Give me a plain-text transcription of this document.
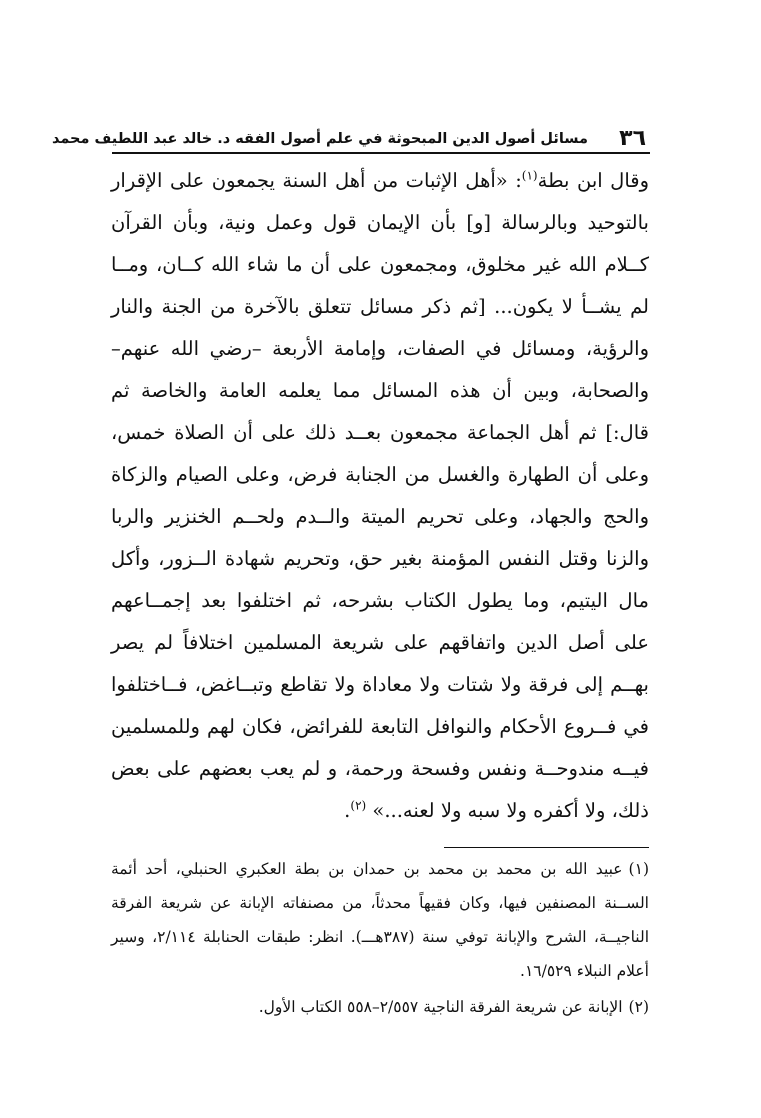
٣٦
مسائل أصول الدين المبحوثة في علم أصول الفقه د. خالد عبد اللطيف محمد

وقال ابن بطة$^{(١)}$: «أهل الإثبات من أهل السنة يجمعون على الإقرار بالتوحيد وبالرسالة [و] بأن الإيمان قول وعمل ونية، وبأن القرآن كــلام الله غير مخلوق، ومجمعون على أن ما شاء الله كــان، ومــا لم يشــأ لا يكون... [ثم ذكر مسائل تتعلق بالآخرة من الجنة والنار والرؤية، ومسائل في الصفات، وإمامة الأربعة –رضي الله عنهم– والصحابة، وبين أن هذه المسائل مما يعلمه العامة والخاصة ثم قال:] ثم أهل الجماعة مجمعون بعــد ذلك على أن الصلاة خمس، وعلى أن الطهارة والغسل من الجنابة فرض، وعلى الصيام والزكاة والحج والجهاد، وعلى تحريم الميتة والــدم ولحــم الخنزير والربا والزنا وقتل النفس المؤمنة بغير حق، وتحريم شهادة الــزور، وأكل مال اليتيم، وما يطول الكتاب بشرحه، ثم اختلفوا بعد إجمــاعهم على أصل الدين واتفاقهم على شريعة المسلمين اختلافاً لم يصر بهــم إلى فرقة ولا شتات ولا معاداة ولا تقاطع وتبــاغض، فــاختلفوا في فــروع الأحكام والنوافل التابعة للفرائض، فكان لهم وللمسلمين فيــه مندوحــة ونفس وفسحة ورحمة، و لم يعب بعضهم على بعض ذلك، ولا أكفره ولا سبه ولا لعنه...» $^{(٢)}$.

(١)عبيد الله بن محمد بن محمد بن حمدان بن بطة العكبري الحنبلي، أحد أئمة الســنة المصنفين فيها، وكان فقيهاً محدثاً، من مصنفاته الإبانة عن شريعة الفرقة الناجيــة، الشرح والإبانة توفي سنة (٣٨٧هـــ). انظر: طبقات الحنابلة ٢/١١٤، وسير أعلام النبلاء ١٦/٥٢٩.

(٢)الإبانة عن شريعة الفرقة الناجية ٢/٥٥٧–٥٥٨ الكتاب الأول.
